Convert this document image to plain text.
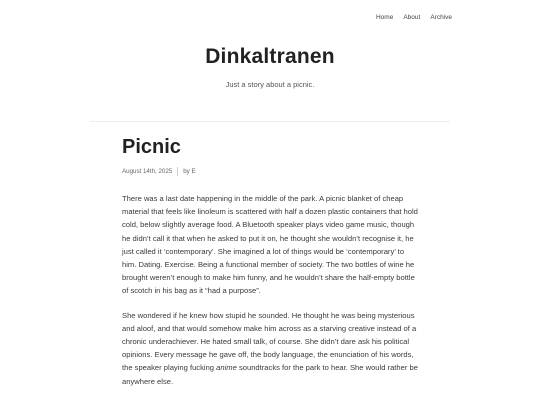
Home About Archive
Dinkaltranen
Just a story about a picnic.
Picnic
August 14th, 2025 by E

There was a last date happening in the middle of the park. A picnic blanket of cheap material that feels like linoleum is scattered with half a dozen plastic containers that hold cold, below slightly average food. A Bluetooth speaker plays video game music, though he didn’t call it that when he asked to put it on, he thought she wouldn’t recognise it, he just called it ‘contemporary’. She imagined a lot of things would be ‘contemporary’ to him. Dating. Exercise. Being a functional member of society. The two bottles of wine he brought weren’t enough to make him funny, and he wouldn’t share the half-empty bottle of scotch in his bag as it “had a purpose”.

She wondered if he knew how stupid he sounded. He thought he was being mysterious and aloof, and that would somehow make him across as a starving creative instead of a chronic underachiever. He hated small talk, of course. She didn’t dare ask his political opinions. Every message he gave off, the body language, the enunciation of his words, the speaker playing fucking anime soundtracks for the park to hear. She would rather be anywhere else.
